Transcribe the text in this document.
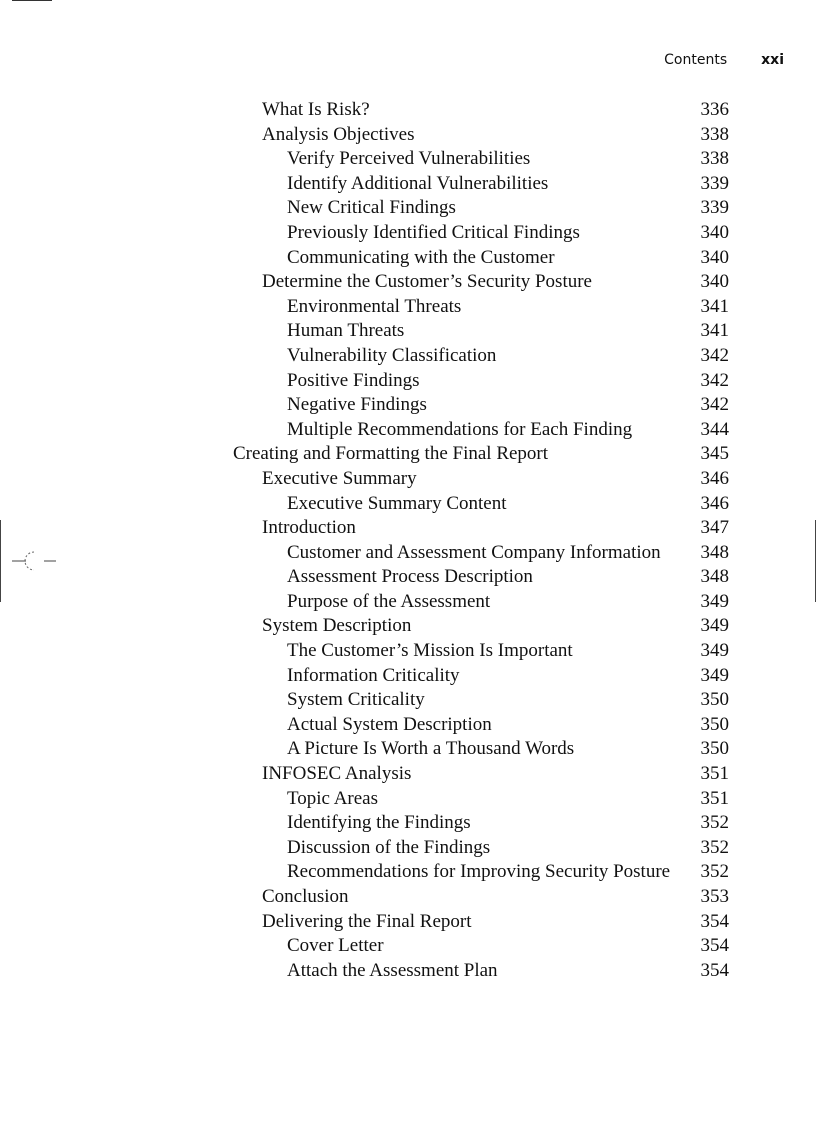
Contents xxi
What Is Risk?	336
Analysis Objectives	338
Verify Perceived Vulnerabilities	338
Identify Additional Vulnerabilities	339
New Critical Findings	339
Previously Identified Critical Findings	340
Communicating with the Customer	340
Determine the Customer’s Security Posture	340
Environmental Threats	341
Human Threats	341
Vulnerability Classification	342
Positive Findings	342
Negative Findings	342
Multiple Recommendations for Each Finding	344
Creating and Formatting the Final Report	345
Executive Summary	346
Executive Summary Content	346
Introduction	347
Customer and Assessment Company Information 348
Assessment Process Description	348
Purpose of the Assessment	349
System Description	349
The Customer’s Mission Is Important	349
Information Criticality	349
System Criticality	350
Actual System Description	350
A Picture Is Worth a Thousand Words	350
INFOSEC Analysis	351
Topic Areas	351
Identifying the Findings	352
Discussion of the Findings	352
Recommendations for Improving Security Posture 352
Conclusion	353
Delivering the Final Report	354
Cover Letter	354
Attach the Assessment Plan	354
